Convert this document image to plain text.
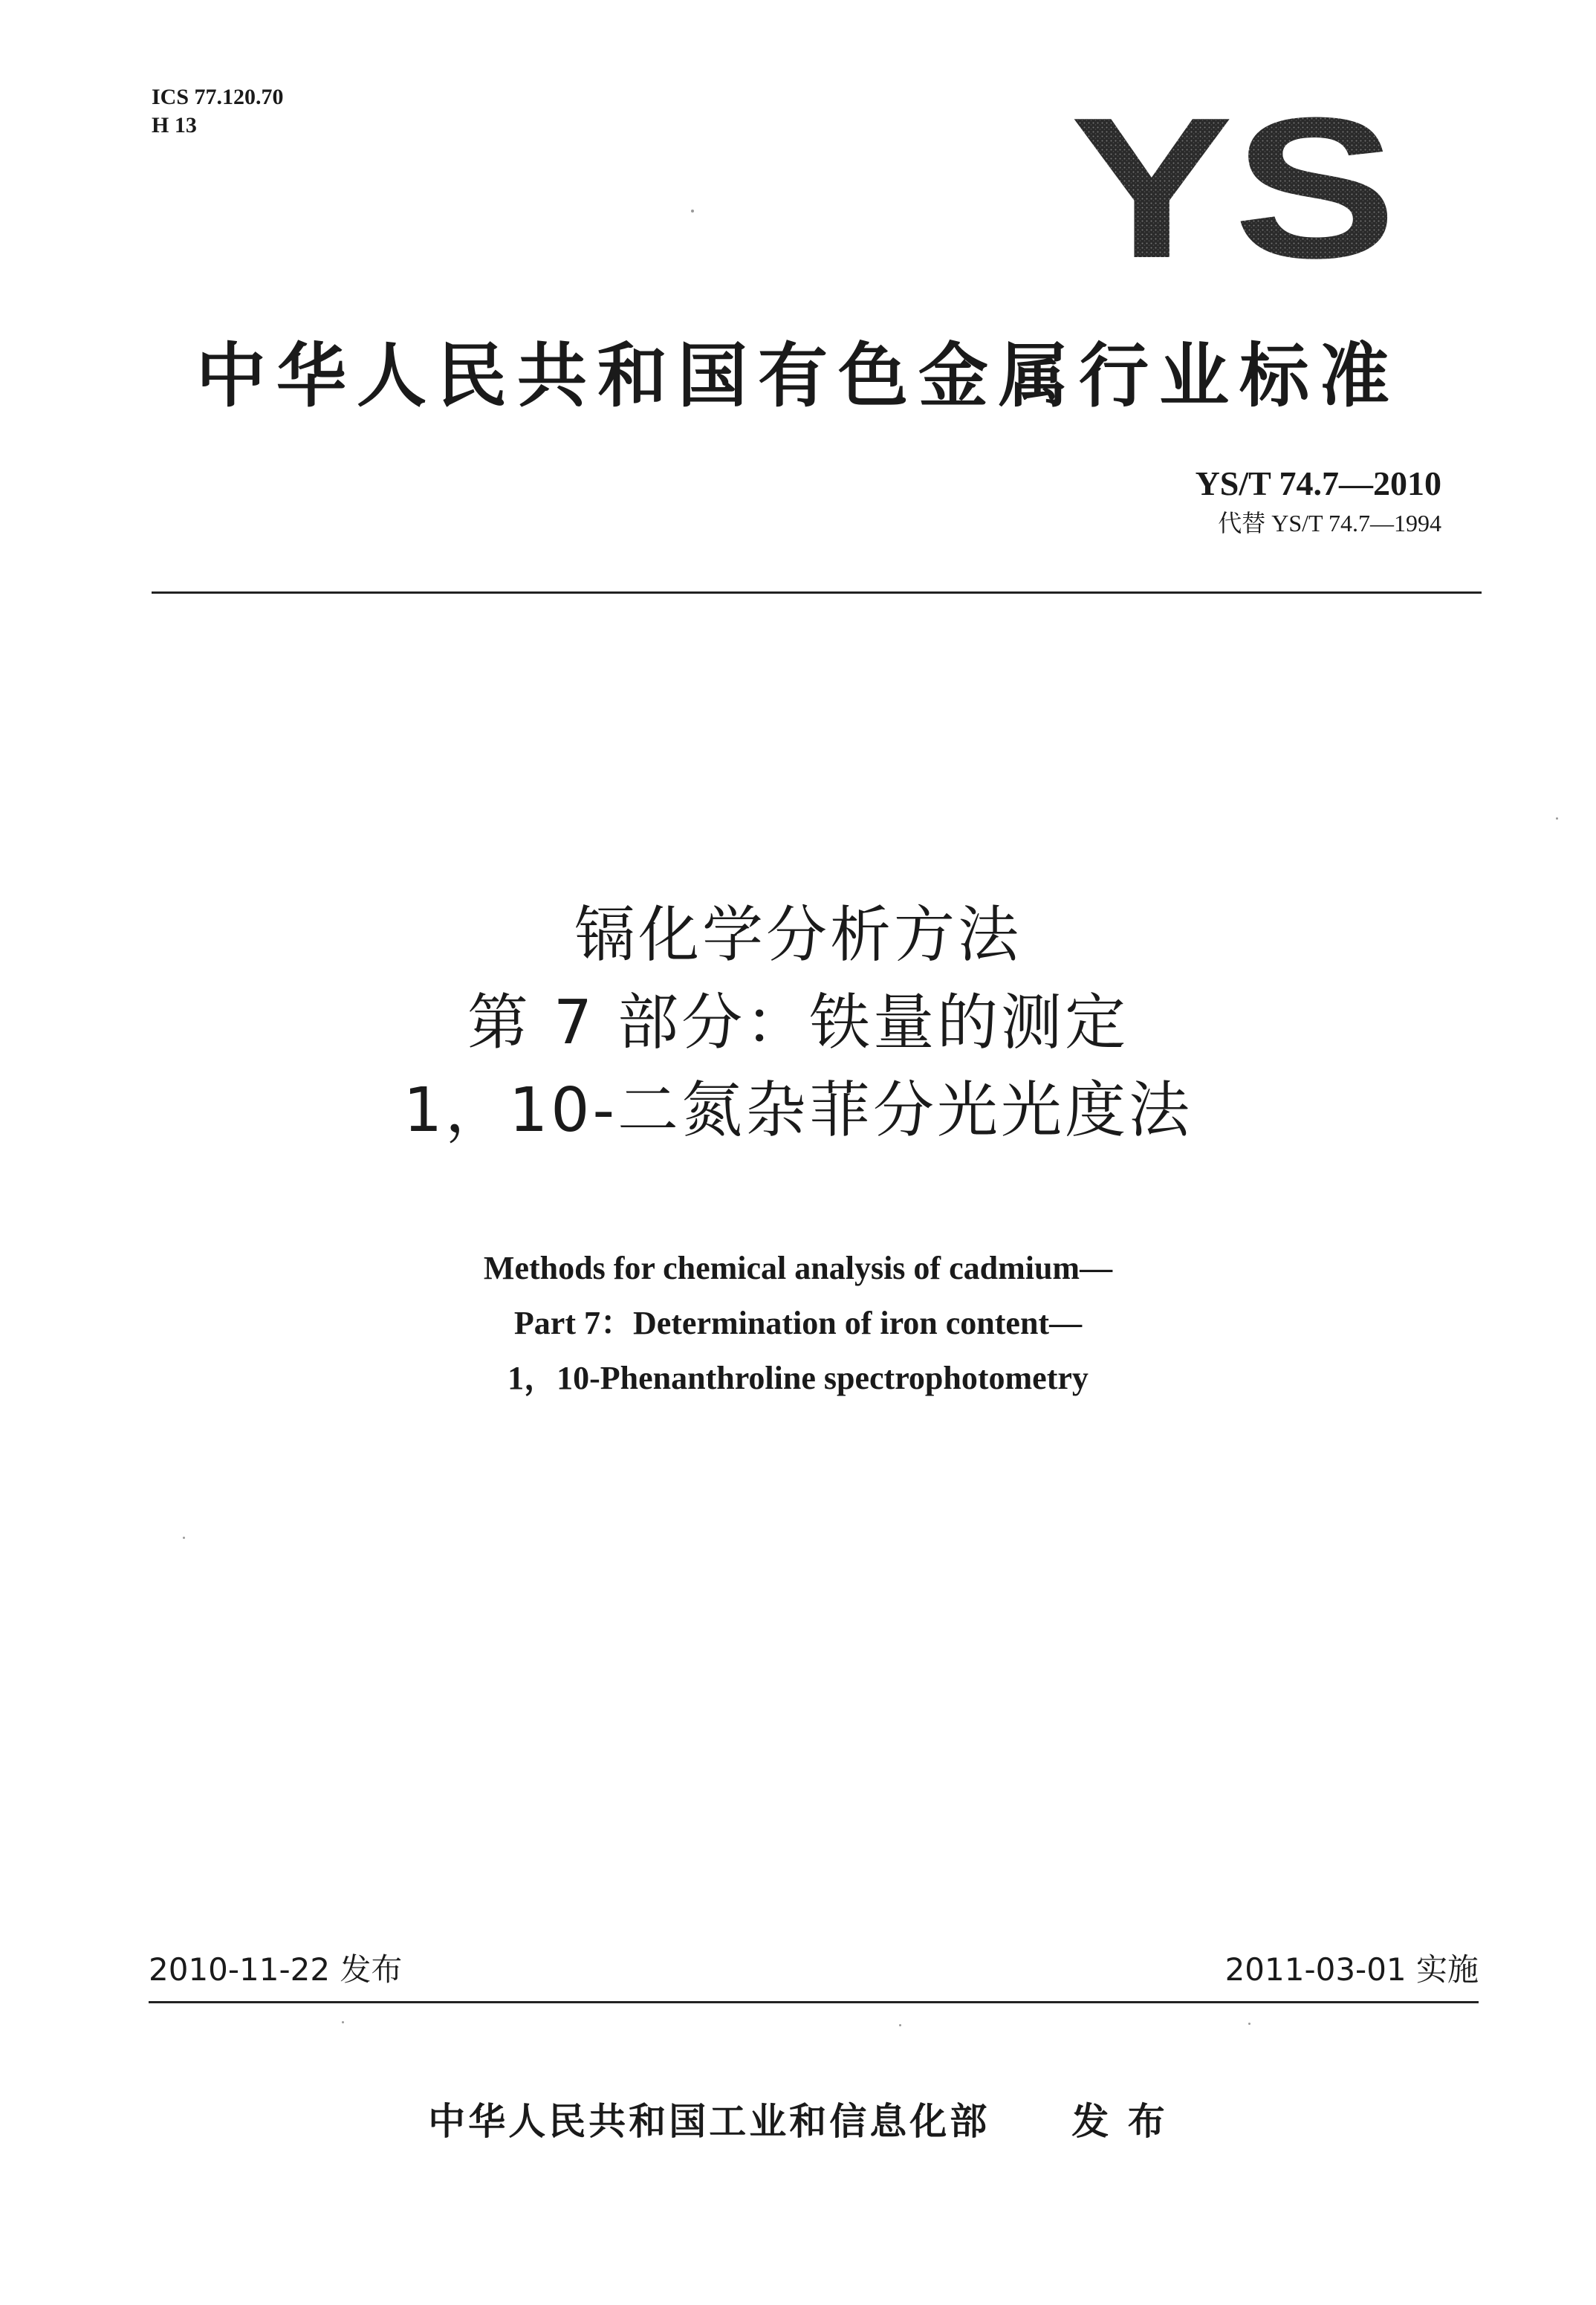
ICS 77.120.70
H 13	YS
中华人民共和国有色金属行业标准
YS/T 74.7—2010
代替 YS/T 74.7—1994
镉化学分析方法
第 7 部分：铁量的测定
1，10-二氮杂菲分光光度法
Methods for chemical analysis of cadmium—
Part 7：Determination of iron content—
1，10-Phenanthroline spectrophotometry
2010-11-22 发布	2011-03-01 实施
中华人民共和国工业和信息化部 发 布
